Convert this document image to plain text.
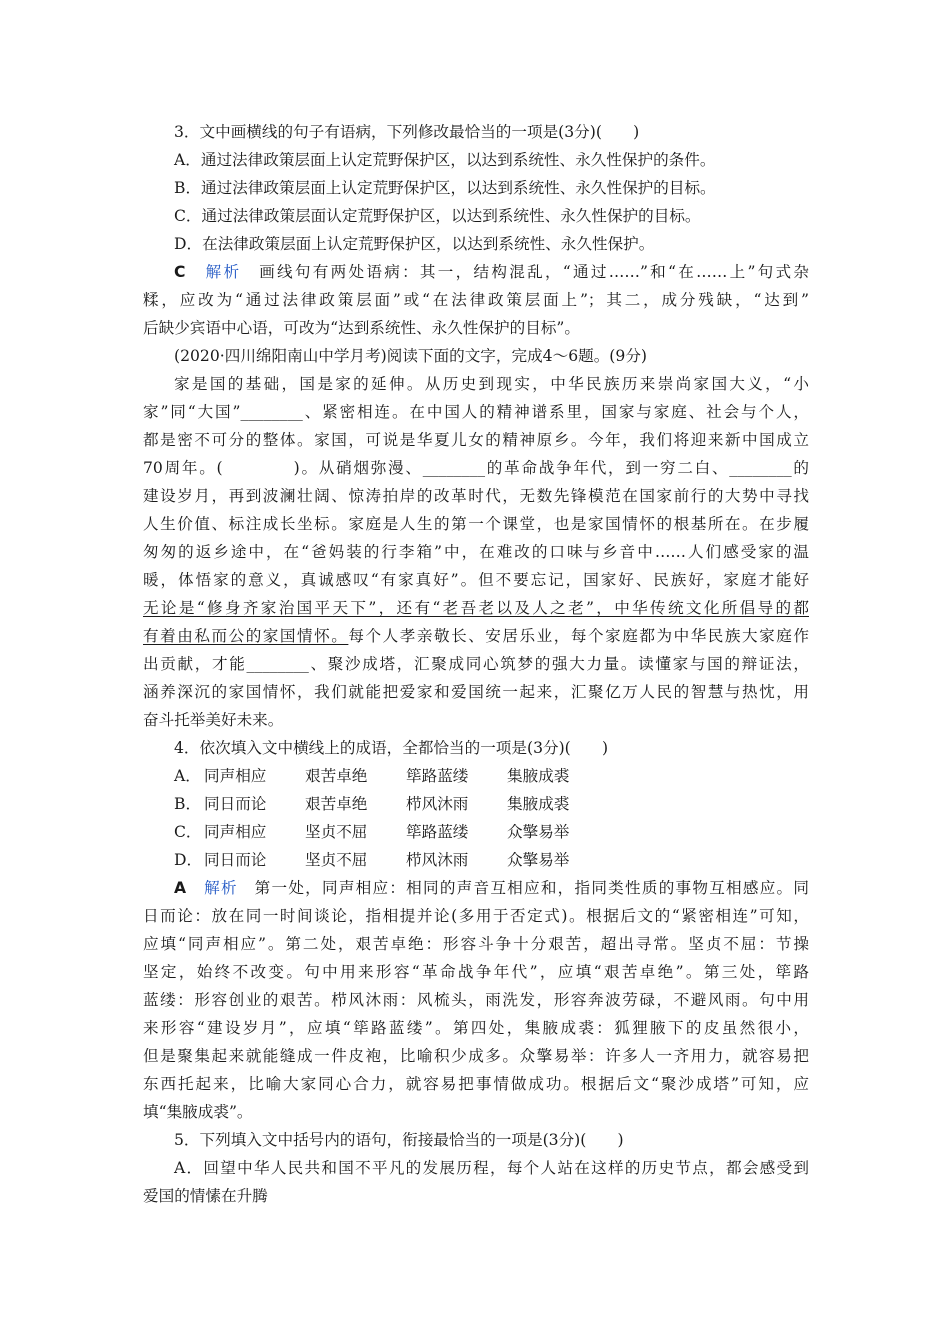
3．文中画横线的句子有语病，下列修改最恰当的一项是(3分)(　　)
A．通过法律政策层面上认定荒野保护区，以达到系统性、永久性保护的条件。
B．通过法律政策层面上认定荒野保护区，以达到系统性、永久性保护的目标。
C．通过法律政策层面认定荒野保护区，以达到系统性、永久性保护的目标。
D．在法律政策层面上认定荒野保护区，以达到系统性、永久性保护。
C　 解析　画线句有两处语病：其一，结构混乱，“通过……”和“在……上”句式杂
糅，应改为“通过法律政策层面”或“在法律政策层面上”；其二，成分残缺，“达到”
后缺少宾语中心语，可改为“达到系统性、永久性保护的目标”。
(2020·四川绵阳南山中学月考)阅读下面的文字，完成4～6题。(9分)
家是国的基础，国是家的延伸。从历史到现实，中华民族历来崇尚家国大义，“小
家”同“大国”________、紧密相连。在中国人的精神谱系里，国家与家庭、社会与个人，
都是密不可分的整体。家国，可说是华夏儿女的精神原乡。今年，我们将迎来新中国成立
70周年。(　　　　)。从硝烟弥漫、________的革命战争年代，到一穷二白、________的
建设岁月，再到波澜壮阔、惊涛拍岸的改革时代，无数先锋模范在国家前行的大势中寻找
人生价值、标注成长坐标。家庭是人生的第一个课堂，也是家国情怀的根基所在。在步履
匆匆的返乡途中，在“爸妈装的行李箱”中，在难改的口味与乡音中……人们感受家的温
暖，体悟家的意义，真诚感叹“有家真好”。但不要忘记，国家好、民族好，家庭才能好
无论是“修身齐家治国平天下”，还有“老吾老以及人之老”，中华传统文化所倡导的都
有着由私而公的家国情怀。每个人孝亲敬长、安居乐业，每个家庭都为中华民族大家庭作
出贡献，才能________、聚沙成塔，汇聚成同心筑梦的强大力量。读懂家与国的辩证法，
涵养深沉的家国情怀，我们就能把爱家和爱国统一起来，汇聚亿万人民的智慧与热忱，用
奋斗托举美好未来。
4．依次填入文中横线上的成语，全都恰当的一项是(3分)(　　)
A． 同声相应 艰苦卓绝 筚路蓝缕 集腋成裘
B． 同日而论 艰苦卓绝 栉风沐雨 集腋成裘
C． 同声相应 坚贞不屈 筚路蓝缕 众擎易举
D． 同日而论 坚贞不屈 栉风沐雨 众擎易举
A　 解析　第一处，同声相应：相同的声音互相应和，指同类性质的事物互相感应。同
日而论：放在同一时间谈论，指相提并论(多用于否定式)。根据后文的“紧密相连”可知，
应填“同声相应”。第二处，艰苦卓绝：形容斗争十分艰苦，超出寻常。坚贞不屈：节操
坚定，始终不改变。句中用来形容“革命战争年代”，应填“艰苦卓绝”。第三处，筚路
蓝缕：形容创业的艰苦。栉风沐雨：风梳头，雨洗发，形容奔波劳碌，不避风雨。句中用
来形容“建设岁月”，应填“筚路蓝缕”。第四处，集腋成裘：狐狸腋下的皮虽然很小，
但是聚集起来就能缝成一件皮袍，比喻积少成多。众擎易举：许多人一齐用力，就容易把
东西托起来，比喻大家同心合力，就容易把事情做成功。根据后文“聚沙成塔”可知，应
填“集腋成裘”。
5．下列填入文中括号内的语句，衔接最恰当的一项是(3分)(　　)
A．回望中华人民共和国不平凡的发展历程，每个人站在这样的历史节点，都会感受到
爱国的情愫在升腾
